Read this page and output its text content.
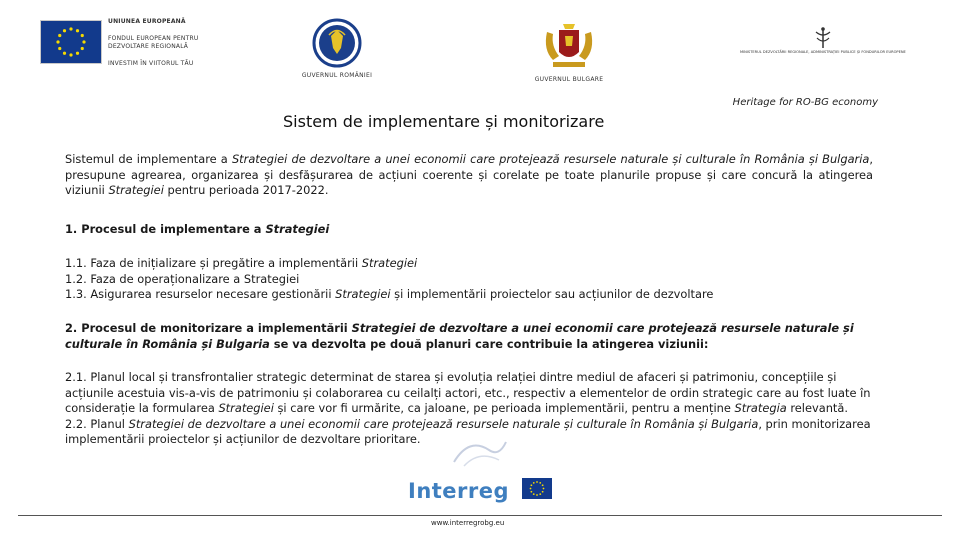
UNIUNEA EUROPEANĂ

FONDUL EUROPEAN PENTRU
DEZVOLTARE REGIONALĂ

INVESTIM ÎN VIITORUL TĂU
GUVERNUL ROMÂNIEI
GUVERNUL BULGARE
MINISTERUL DEZVOLTĂRII REGIONALE, ADMINISTRAȚIEI PUBLICE ȘI FONDURILOR EUROPENE
Heritage for RO-BG economy
Sistem de implementare și monitorizare

Sistemul de implementare a Strategiei de dezvoltare a unei economii care protejează resursele naturale și culturale în România și Bulgaria, presupune agrearea, organizarea și desfășurarea de acțiuni coerente și corelate pe toate planurile propuse și care concură la atingerea viziunii Strategiei pentru perioada 2017-2022.

1. Procesul de implementare a Strategiei
1.1. Faza de inițializare și pregătire a implementării Strategiei
1.2. Faza de operaționalizare a Strategiei
1.3. Asigurarea resurselor necesare gestionării Strategiei și implementării proiectelor sau acțiunilor de dezvoltare
2. Procesul de monitorizare a implementării Strategiei de dezvoltare a unei economii care protejează resursele naturale și culturale în România și Bulgaria se va dezvolta pe două planuri care contribuie la atingerea viziunii:

2.1. Planul local și transfrontalier strategic determinat de starea și evoluția relației dintre mediul de afaceri și patrimoniu, concepțiile și acțiunile acestuia vis-a-vis de patrimoniu și colaborarea cu ceilalți actori, etc., respectiv a elementelor de ordin strategic care au fost luate în considerație la formularea Strategiei și care vor fi urmărite, ca jaloane, pe perioada implementării, pentru a menține Strategia relevantă.

2.2. Planul Strategiei de dezvoltare a unei economii care protejează resursele naturale și culturale în România și Bulgaria, prin monitorizarea implementării proiectelor și acțiunilor de dezvoltare prioritare.

Interreg
www.interregrobg.eu
